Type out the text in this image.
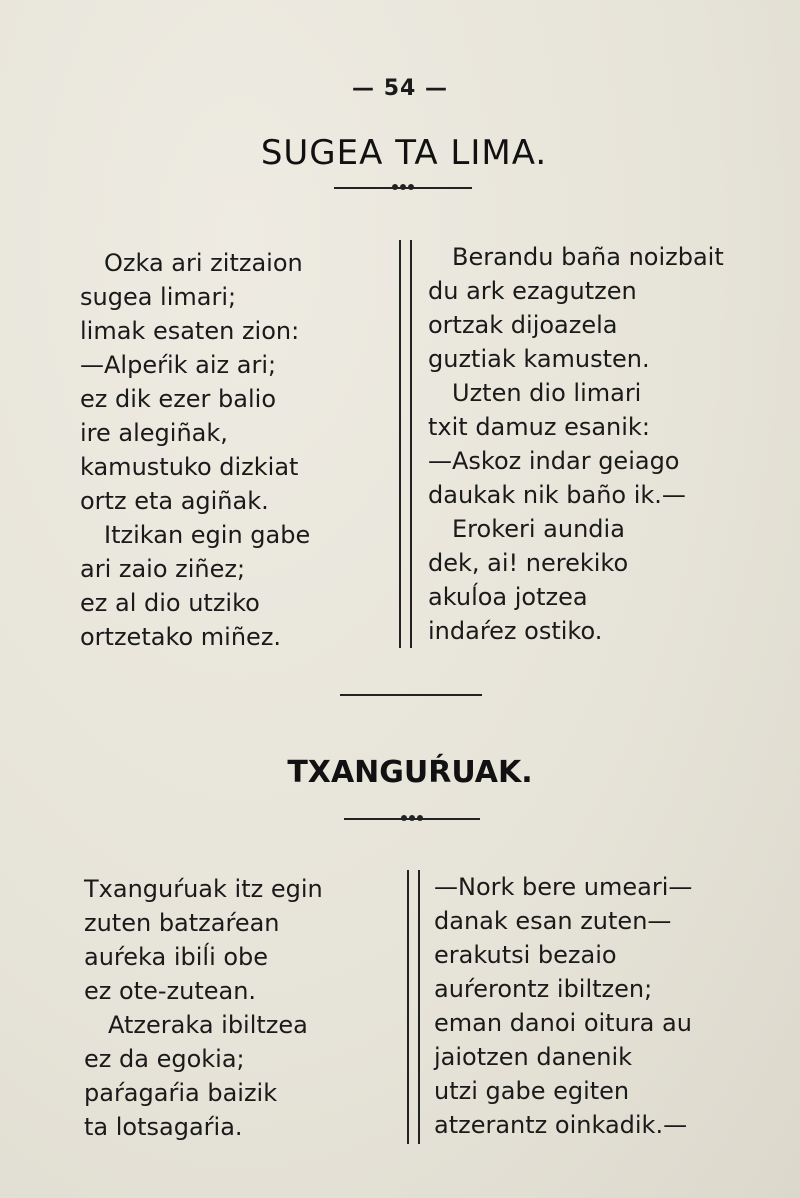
— 54 —
SUGEA TA LIMA.
Ozka ari zitzaion
sugea limari;
limak esaten zion:
—Alpeŕik aiz ari;
ez dik ezer balio
ire alegiñak,
kamustuko dizkiat
ortz eta agiñak.
Itzikan egin gabe
ari zaio ziñez;
ez al dio utziko
ortzetako miñez.
Berandu baña noizbait
du ark ezagutzen
ortzak dijoazela
guztiak kamusten.
Uzten dio limari
txit damuz esanik:
—Askoz indar geiago
daukak nik baño ik.—
Erokeri aundia
dek, ai! nerekiko
akuĺoa jotzea
indaŕez ostiko.
TXANGUŔUAK.
Txanguŕuak itz egin
zuten batzaŕean
auŕeka ibiĺi obe
ez ote-zutean.
Atzeraka ibiltzea
ez da egokia;
paŕagaŕia baizik
ta lotsagaŕia.
—Nork bere umeari—
danak esan zuten—
erakutsi bezaio
auŕerontz ibiltzen;
eman danoi oitura au
jaiotzen danenik
utzi gabe egiten
atzerantz oinkadik.—
